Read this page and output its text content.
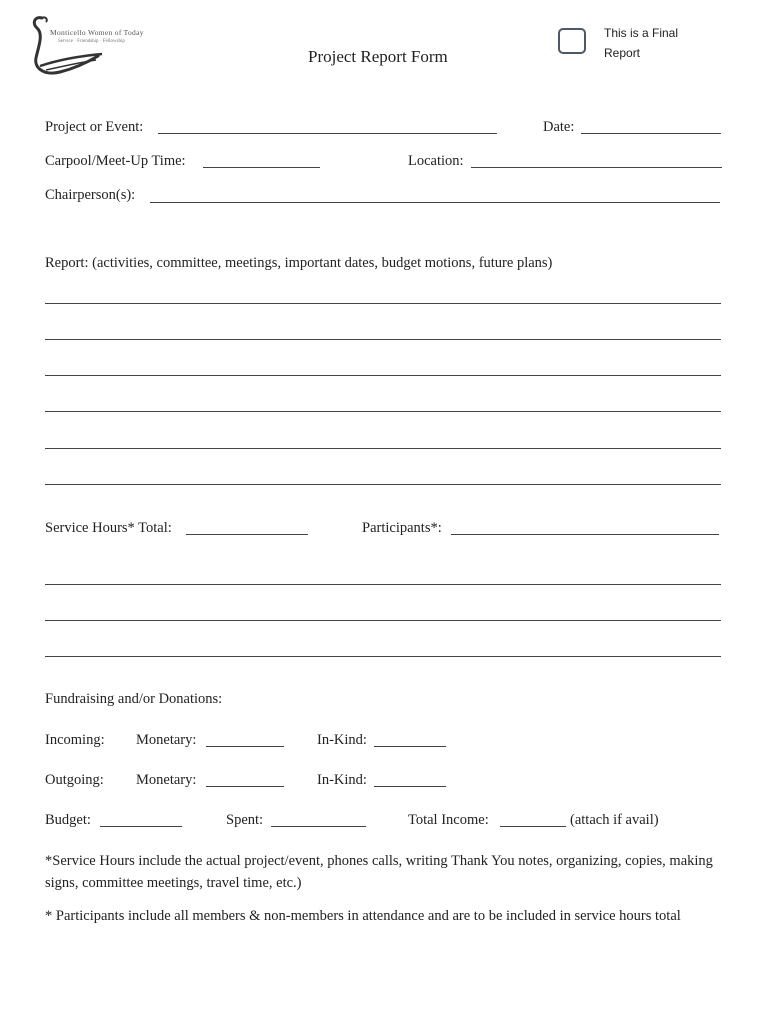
Monticello Women of Today
Service · Friendship · Fellowship
Project Report Form
This is a Final Report
Project or Event:	Date:
Carpool/Meet-Up Time:	Location:
Chairperson(s):
Report: (activities, committee, meetings, important dates, budget motions, future plans)
Service Hours* Total:	Participants*:
Fundraising and/or Donations:
Incoming: Monetary:	In-Kind:
Outgoing: Monetary:	In-Kind:
Budget:	Spent:	Total Income:	(attach if avail)
*Service Hours include the actual project/event, phones calls, writing Thank You notes, organizing, copies, making signs, committee meetings, travel time, etc.)
* Participants include all members & non-members in attendance and are to be included in service hours total
